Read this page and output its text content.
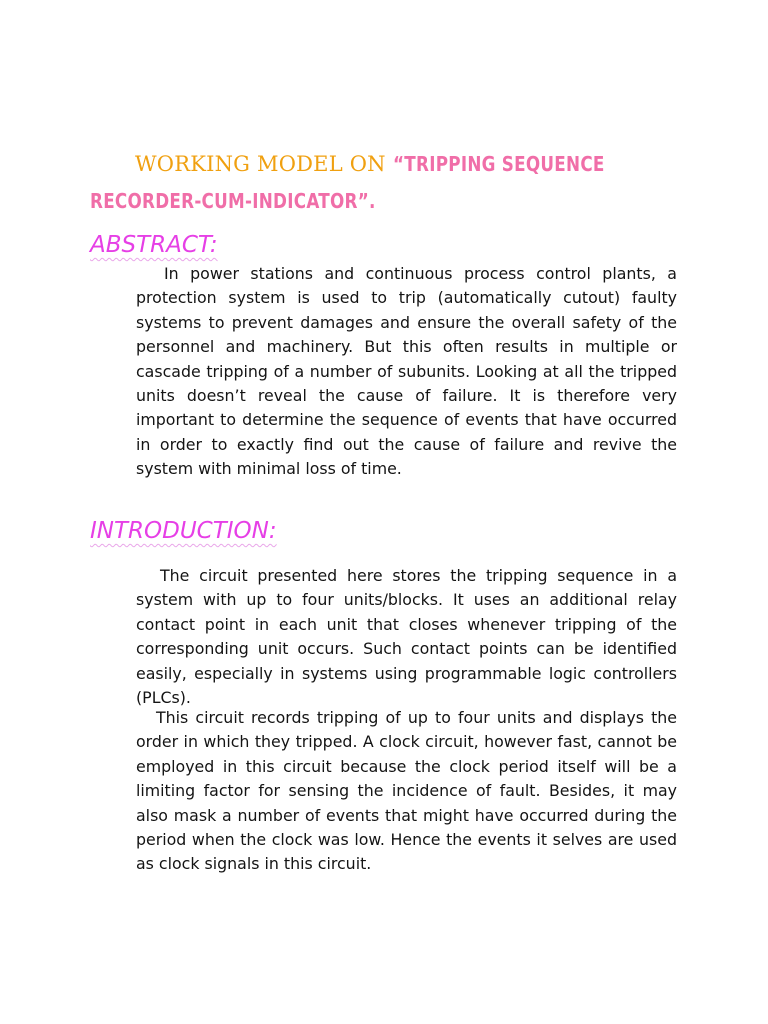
WORKING MODEL ON “TRIPPING SEQUENCE
RECORDER-CUM-INDICATOR”.
ABSTRACT:

In power stations and continuous process control plants, a protection system is used to trip (automatically cutout) faulty systems to prevent damages and ensure the overall safety of the personnel and machinery. But this often results in multiple or cascade tripping of a number of subunits. Looking at all the tripped units doesn’t reveal the cause of failure. It is therefore very important to determine the sequence of events that have occurred in order to exactly find out the cause of failure and revive the system with minimal loss of time.

INTRODUCTION:

The circuit presented here stores the tripping sequence in a system with up to four units/blocks. It uses an additional relay contact point in each unit that closes whenever tripping of the corresponding unit occurs. Such contact points can be identified easily, especially in systems using programmable logic controllers (PLCs).

This circuit records tripping of up to four units and displays the order in which they tripped. A clock circuit, however fast, cannot be employed in this circuit because the clock period itself will be a limiting factor for sensing the incidence of fault. Besides, it may also mask a number of events that might have occurred during the period when the clock was low. Hence the events it selves are used as clock signals in this circuit.
